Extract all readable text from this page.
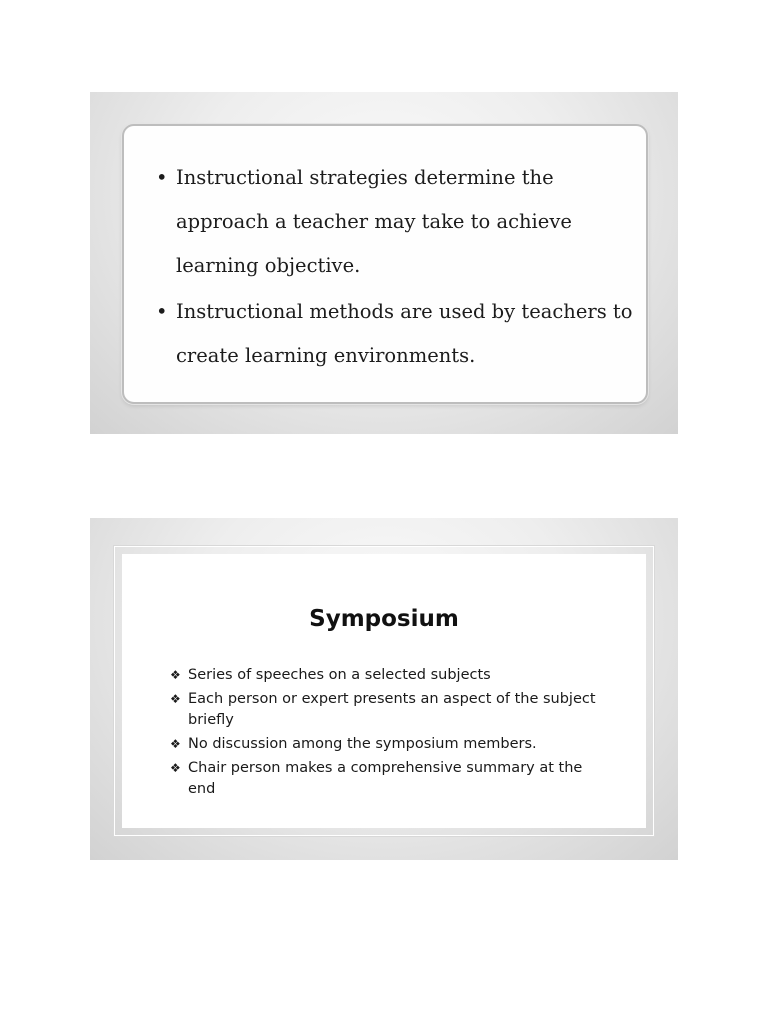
• Instructional strategies determine the approach a teacher may take to achieve learning objective.
• Instructional methods are used by teachers to create learning environments.
Symposium
❖ Series of speeches on a selected subjects
❖ Each person or expert presents an aspect of the subject briefly
❖ No discussion among the symposium members.
❖ Chair person makes a comprehensive summary at the end
